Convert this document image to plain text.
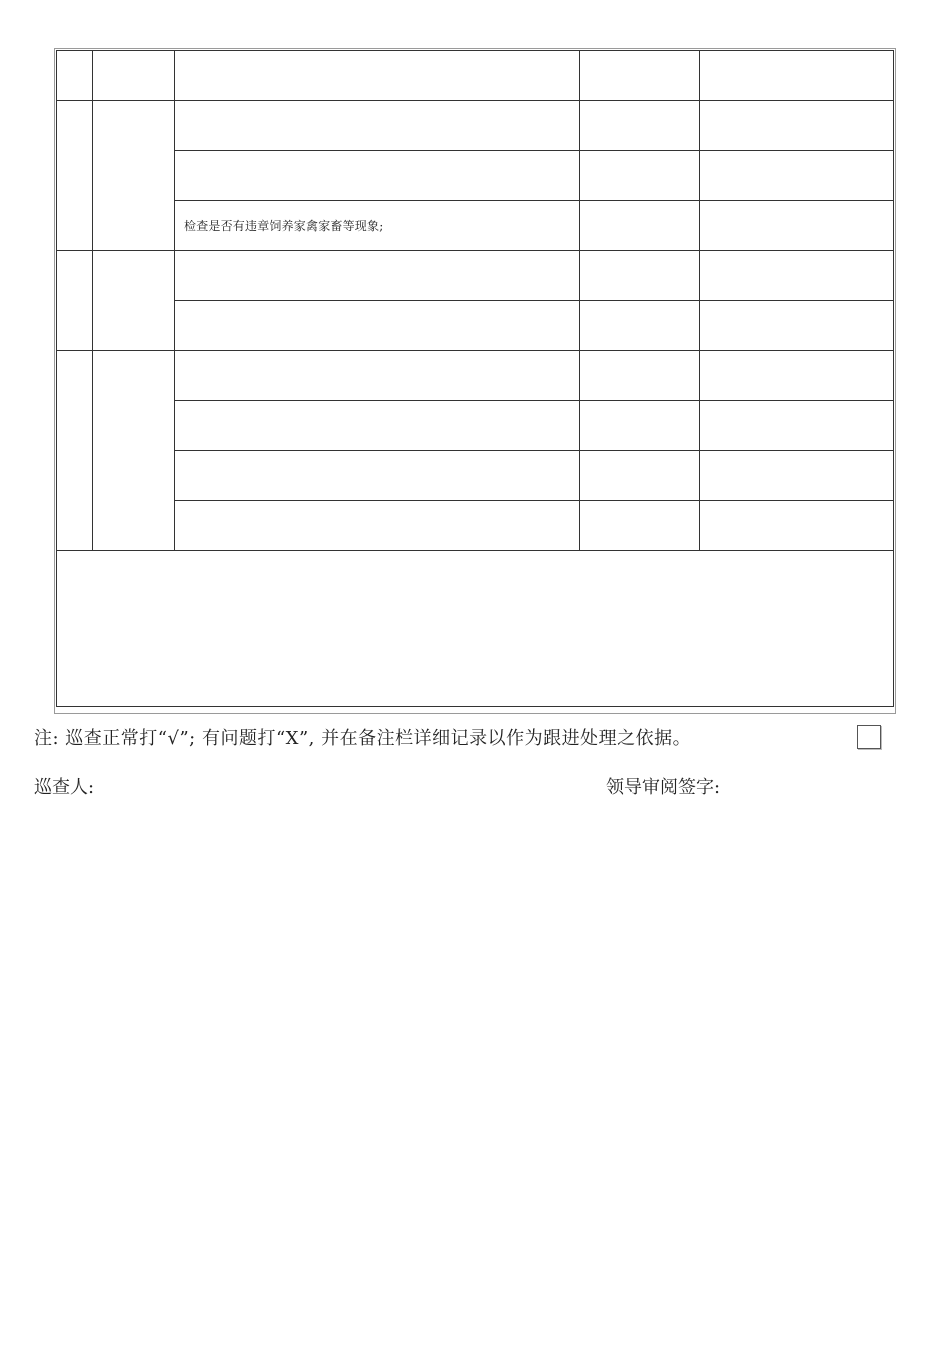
		检查是否有违章饲养家禽家畜等现象;		

注: 巡查正常打“√”; 有问题打“X”, 并在备注栏详细记录以作为跟进处理之依据。
巡查人:	领导审阅签字:
